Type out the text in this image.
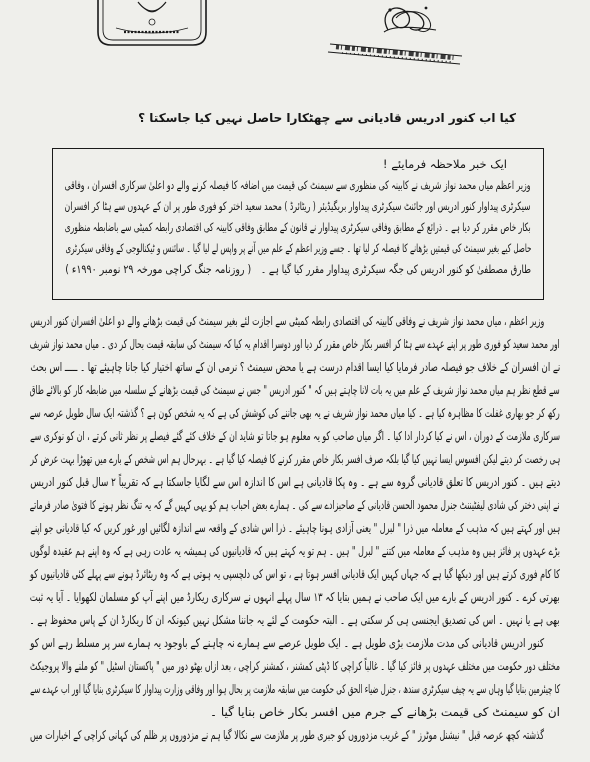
کیا اب کنور ادریس قادیانی سے چھٹکارا حاصل نہیں کیا جاسکتا ؟
ایک خبر ملاحظہ فرمایئے !
وزیر اعظم میاں محمد نواز شریف نے کابینہ کی منظوری سے سیمنٹ کی قیمت میں اضافہ کا فیصلہ کرنے والے دو اعلیٰ سرکاری افسران ، وفاقی
سیکرٹری پیداوار کنور ادریس اور جائنٹ سیکرٹری پیداوار بریگیڈیئر ( ریٹائرڈ ) محمد سعید اختر کو فوری طور پر ان کے عہدوں سے ہٹا کر افسران
بکار خاص مقرر کر دیا ہے ۔ ذرائع کے مطابق وفاقی سیکرٹری پیداوار نے قانون کے مطابق وفاقی کابینہ کی اقتصادی رابطہ کمیٹی سے باضابطہ منظوری
حاصل کیے بغیر سیمنٹ کی قیمتیں بڑھانے کا فیصلہ کر لیا تھا ۔ جسے وزیر اعظم کے علم میں آنے پر واپس لے لیا گیا ۔ سائنس و ٹیکنالوجی کے وفاقی سیکرٹری
طارق مصطفیٰ کو کنور ادریس کی جگہ سیکرٹری پیداوار مقرر کیا گیا ہے ۔
( روزنامہ جنگ کراچی مورخہ ۲۹ نومبر ۱۹۹۰ء )
وزیر اعظم ، میاں محمد نواز شریف نے وفاقی کابینہ کی اقتصادی رابطہ کمیٹی سے اجازت لئے بغیر سیمنٹ کی قیمت بڑھانے والے دو اعلیٰ افسران کنور ادریس
اور محمد سعید کو فوری طور پر اپنے عہدے سے ہٹا کر افسر بکار خاص مقرر کر دیا اور دوسرا اقدام یہ کیا کہ سیمنٹ کی سابقہ قیمت بحال کر دی ۔ میاں محمد نواز شریف
نے ان افسران کے خلاف جو فیصلہ صادر فرمایا کیا ایسا اقدام درست ہے یا محض سیمنٹ ؟ نرمی ان کے ساتھ اختیار کیا جانا چاہیئے تھا ۔ ـــــ اس بحث
سے قطع نظر ہم میاں محمد نواز شریف کے علم میں یہ بات لانا چاہتے ہیں کہ " کنور ادریس " جس نے سیمنٹ کی قیمت بڑھانے کے سلسلہ میں ضابطہ کار کو بالائے طاق
رکھ کر جو بھاری غفلت کا مظاہرہ کیا ہے ۔ کیا میاں محمد نواز شریف نے یہ بھی جاننے کی کوشش کی ہے کہ یہ شخص کون ہے ؟ گذشتہ ایک سال طویل عرصہ سے
سرکاری ملازمت کے دوران ، اس نے کیا کردار ادا کیا ۔ اگر میاں صاحب کو یہ معلوم ہو جاتا تو شاید ان کے خلاف کئے گئے فیصلے پر نظر ثانی کرتے ، ان کو نوکری سے
ہی رخصت کر دیتے لیکن افسوس ایسا نہیں کیا گیا بلکہ صرف افسر بکار خاص مقرر کرنے کا فیصلہ کیا گیا ہے ۔ بہرحال ہم اس شخص کے بارے میں تھوڑا بہت عرض کر
دیتے ہیں ۔ کنور ادریس کا تعلق قادیانی گروہ سے ہے ۔ وہ پکا قادیانی ہے اس کا اندازہ اس سے لگایا جاسکتا ہے کہ تقریباً ۲ سال قبل کنور ادریس
نے اپنی دختر کی شادی لیفٹیننٹ جنرل محمود الحسن قادیانی کے صاحبزادے سے کی ۔ ہمارے بعض احباب ہم کو یہی کہیں گے کہ یہ تنگ نظر ہونے کا فتویٰ صادر فرماتے
ہیں اور کہتے ہیں کہ مذہب کے معاملہ میں ذرا " لبرل " یعنی آزادی ہونا چاہیئے ۔ ذرا اس شادی کے واقعہ سے اندازہ لگائیں اور غور کریں کہ کیا قادیانی جو اپنے
بڑے عہدوں پر فائز ہیں وہ مذہب کے معاملہ میں کتنے " لبرل " ہیں ۔ ہم تو یہ کہتے ہیں کہ قادیانیوں کی ہمیشہ یہ عادت رہی ہے کہ وہ اپنے ہم عقیدہ لوگوں
کا کام فوری کرتے ہیں اور دیکھا گیا ہے کہ جہاں کہیں ایک قادیانی افسر ہوتا ہے ، تو اس کی دلچسپی یہ ہوتی ہے کہ وہ ریٹائرڈ ہونے سے پہلے کئی قادیانیوں کو
بھرتی کرے ۔ کنور ادریس کے بارے میں ایک صاحب نے ہمیں بتایا کہ ۱۳ سال پہلے انہوں نے سرکاری ریکارڈ میں اپنے آپ کو مسلمان لکھوایا ۔ آیا یہ ثبت
بھی ہے یا نہیں ۔ اس کی تصدیق ایجنسی ہی کر سکتی ہے ۔ البتہ حکومت کے لئے یہ جاننا مشکل نہیں کیونکہ ان کا ریکارڈ ان کے پاس محفوظ ہے ۔
کنور ادریس قادیانی کی مدت ملازمت بڑی طویل ہے ۔ ایک طویل عرصے سے ہمارے نہ چاہنے کے باوجود یہ ہمارے سر پر مسلط رہے اس کو
مختلف دور حکومت میں مختلف عہدوں پر فائز کیا گیا ۔ غالباً کراچی کا ڈپٹی کمشنر ، کمشنر کراچی ، بعد ازاں بھٹو دور میں " پاکستان اسٹیل " کو ملنے والا پروجیکٹ
کا چیئرمین بنایا گیا وہاں سے یہ چیف سیکرٹری سندھ ، جنرل ضیاء الحق کی حکومت میں سابقہ ملازمت پر بحال ہوا اور وفاقی وزارت پیداوار کا سیکرٹری بنایا گیا اور اب عہدے سے
ان کو سیمنٹ کی قیمت بڑھانے کے جرم میں افسر بکار خاص بنایا گیا ۔
گذشتہ کچھ عرصہ قبل " نیشنل موٹرز " کے غریب مزدوروں کو جبری طور پر ملازمت سے نکالا گیا ہم نے مزدوروں پر ظلم کی کہانی کراچی کے اخبارات میں
